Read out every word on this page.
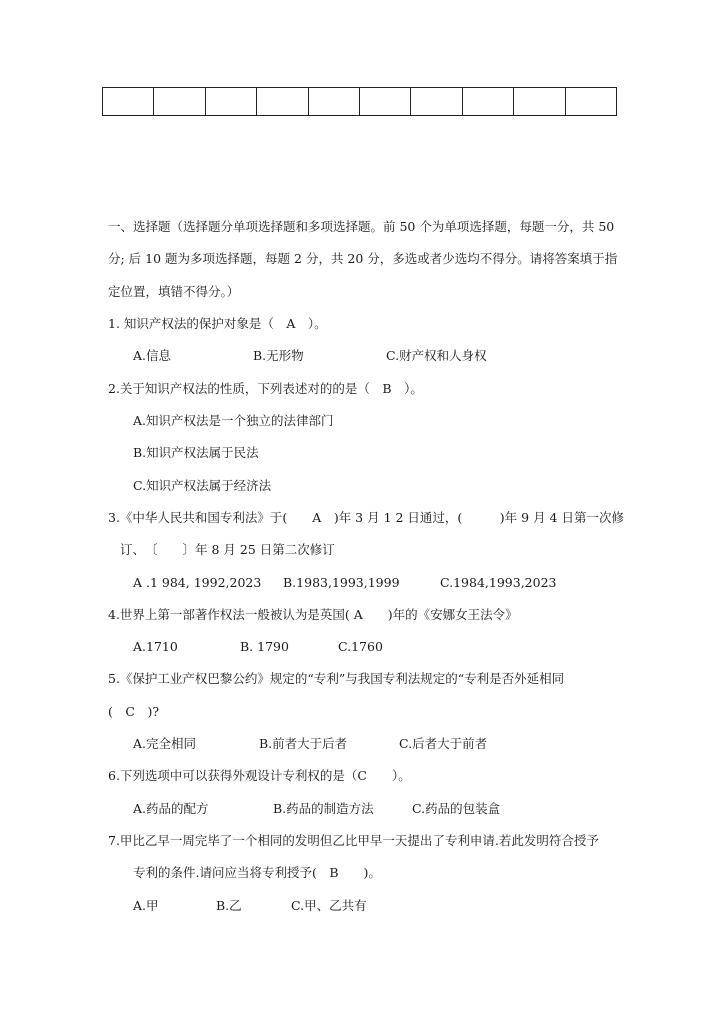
一、选择题（选择题分单项选择题和多项选择题。前 50 个为单项选择题，每题一分，共 50
分; 后 10 题为多项选择题，每题 2 分，共 20 分，多选或者少选均不得分。请将答案填于指
定位置，填错不得分。）
1. 知识产权法的保护对象是（　A　）。
A.信息	B.无形物	C.财产权和人身权
2.关于知识产权法的性质，下列表述对的的是（　B　）。
A.知识产权法是一个独立的法律部门
B.知识产权法属于民法
C.知识产权法属于经济法
3.《中华人民共和国专利法》于(　　A　)年 3 月 1 2 日通过，(　　　)年 9 月 4 日第一次修
订、　〔　　〕年 8 月 25 日第二次修订
A .1 984, 1992,2023 B.1983,1993,1999	C.1984,1993,2023
4.世界上第一部著作权法一般被认为是英国( A　　)年的《安娜女王法令》
A.1710	B. 1790	C.1760
5.《保护工业产权巴黎公约》规定的“专利”与我国专利法规定的“专利是否外延相同
(　C　)?
A.完全相同	B.前者大于后者	C.后者大于前者
6.下列选项中可以获得外观设计专利权的是（C　　）。
A.药品的配方	B.药品的制造方法	C.药品的包装盒
7.甲比乙早一周完毕了一个相同的发明但乙比甲早一天提出了专利申请.若此发明符合授予
专利的条件.请问应当将专利授予(　B　　)。
A.甲	B.乙	C.甲、乙共有
